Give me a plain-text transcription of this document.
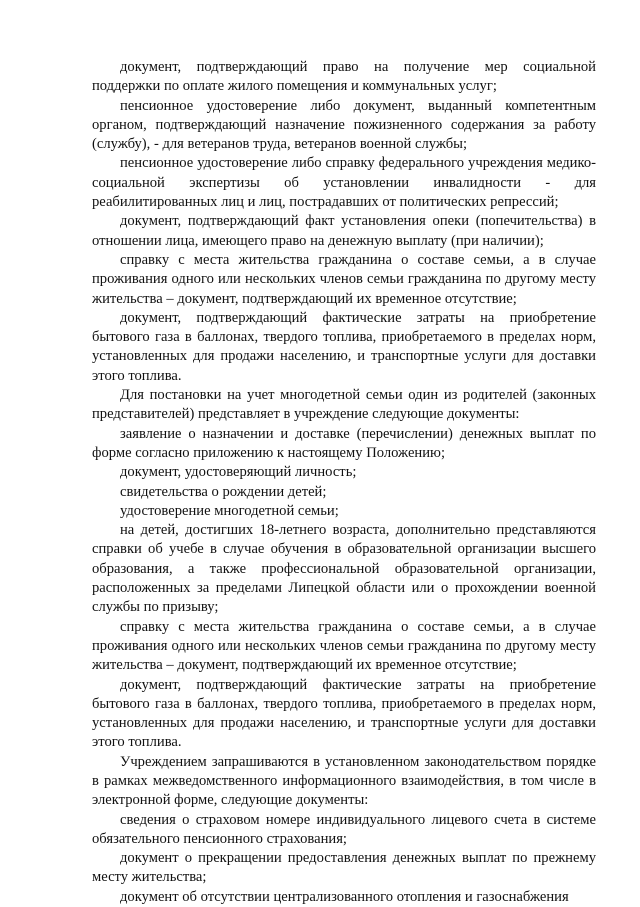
документ, подтверждающий право на получение мер социальной поддержки по оплате жилого помещения и коммунальных услуг;

пенсионное удостоверение либо документ, выданный компетентным органом, подтверждающий назначение пожизненного содержания за работу (службу), - для ветеранов труда, ветеранов военной службы;

пенсионное удостоверение либо справку федерального учреждения медико-социальной экспертизы об установлении инвалидности - для реабилитированных лиц и лиц, пострадавших от политических репрессий;

документ, подтверждающий факт установления опеки (попечительства) в отношении лица, имеющего право на денежную выплату (при наличии);

справку с места жительства гражданина о составе семьи, а в случае проживания одного или нескольких членов семьи гражданина по другому месту жительства – документ, подтверждающий их временное отсутствие;

документ, подтверждающий фактические затраты на приобретение бытового газа в баллонах, твердого топлива, приобретаемого в пределах норм, установленных для продажи населению, и транспортные услуги для доставки этого топлива.

Для постановки на учет многодетной семьи один из родителей (законных представителей) представляет в учреждение следующие документы:

заявление о назначении и доставке (перечислении) денежных выплат по форме согласно приложению к настоящему Положению;

документ, удостоверяющий личность;

свидетельства о рождении детей;

удостоверение многодетной семьи;

на детей, достигших 18-летнего возраста, дополнительно представляются справки об учебе в случае обучения в образовательной организации высшего образования, а также профессиональной образовательной организации, расположенных за пределами Липецкой области или о прохождении военной службы по призыву;

справку с места жительства гражданина о составе семьи, а в случае проживания одного или нескольких членов семьи гражданина по другому месту жительства – документ, подтверждающий их временное отсутствие;

документ, подтверждающий фактические затраты на приобретение бытового газа в баллонах, твердого топлива, приобретаемого в пределах норм, установленных для продажи населению, и транспортные услуги для доставки этого топлива.

Учреждением запрашиваются в установленном законодательством порядке в рамках межведомственного информационного взаимодействия, в том числе в электронной форме, следующие документы:

сведения о страховом номере индивидуального лицевого счета в системе обязательного пенсионного страхования;

документ о прекращении предоставления денежных выплат по прежнему месту жительства;

документ об отсутствии централизованного отопления и газоснабжения
